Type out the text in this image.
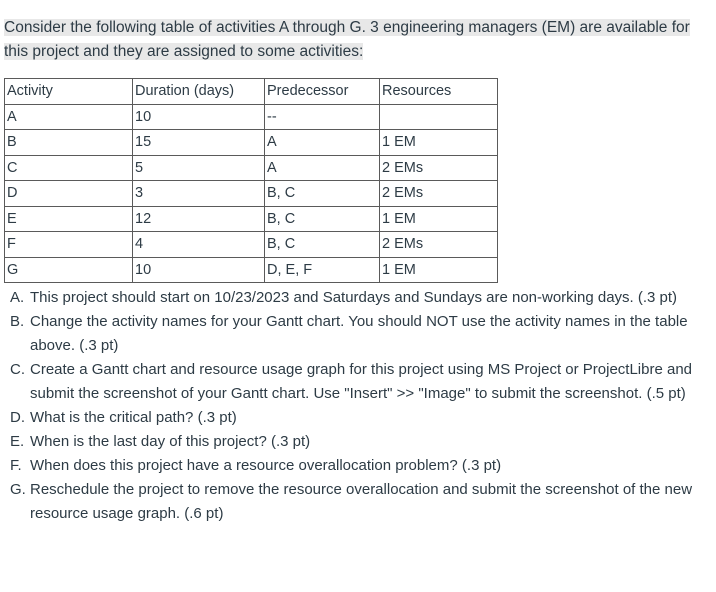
Consider the following table of activities A through G. 3 engineering managers (EM) are available for this project and they are assigned to some activities:
Activity	Duration (days)	Predecessor	Resources
A	10	--	
B	15	A	1 EM
C	5	A	2 EMs
D	3	B, C	2 EMs
E	12	B, C	1 EM
F	4	B, C	2 EMs
G	10	D, E, F	1 EM
A. This project should start on 10/23/2023 and Saturdays and Sundays are non-working days. (.3 pt)
B. Change the activity names for your Gantt chart. You should NOT use the activity names in the table above. (.3 pt)
C. Create a Gantt chart and resource usage graph for this project using MS Project or ProjectLibre and submit the screenshot of your Gantt chart. Use "Insert" >> "Image" to submit the screenshot. (.5 pt)
D. What is the critical path? (.3 pt)
E. When is the last day of this project? (.3 pt)
F. When does this project have a resource overallocation problem? (.3 pt)
G. Reschedule the project to remove the resource overallocation and submit the screenshot of the new resource usage graph. (.6 pt)
